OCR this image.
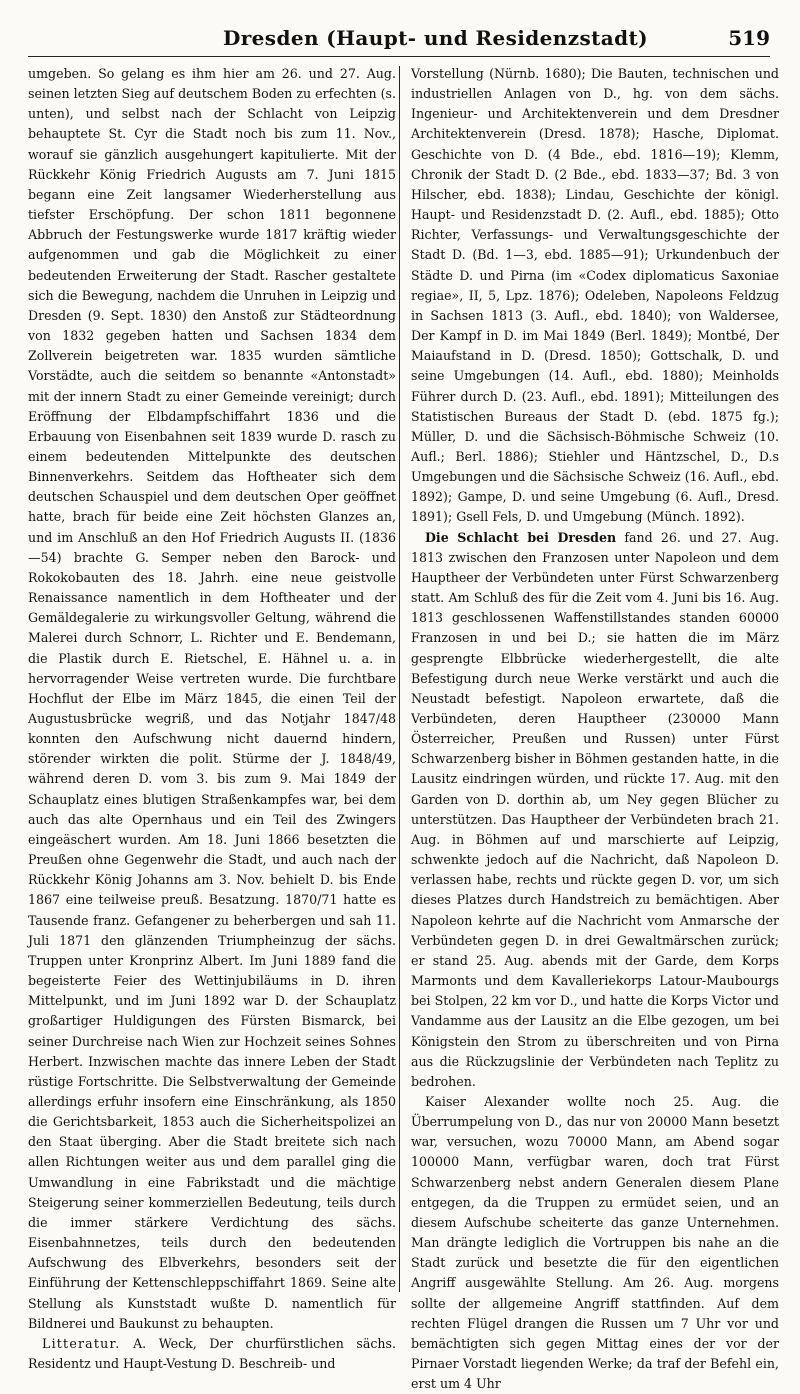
Dresden (Haupt- und Residenzstadt)	519

umgeben. So gelang es ihm hier am 26. und 27. Aug. seinen letzten Sieg auf deutschem Boden zu erfechten (s. unten), und selbst nach der Schlacht von Leipzig behauptete St. Cyr die Stadt noch bis zum 11. Nov., worauf sie gänzlich ausgehungert kapitulierte. Mit der Rückkehr König Friedrich Augusts am 7. Juni 1815 begann eine Zeit langsamer Wiederherstellung aus tiefster Erschöpfung. Der schon 1811 begonnene Abbruch der Festungswerke wurde 1817 kräftig wieder aufgenommen und gab die Möglichkeit zu einer bedeutenden Erweiterung der Stadt. Rascher gestaltete sich die Bewegung, nachdem die Unruhen in Leipzig und Dresden (9. Sept. 1830) den Anstoß zur Städteordnung von 1832 gegeben hatten und Sachsen 1834 dem Zollverein beigetreten war. 1835 wurden sämtliche Vorstädte, auch die seitdem so benannte «Antonstadt» mit der innern Stadt zu einer Gemeinde vereinigt; durch Eröffnung der Elbdampfschiffahrt 1836 und die Erbauung von Eisenbahnen seit 1839 wurde D. rasch zu einem bedeutenden Mittelpunkte des deutschen Binnenverkehrs. Seitdem das Hoftheater sich dem deutschen Schauspiel und dem deutschen Oper geöffnet hatte, brach für beide eine Zeit höchsten Glanzes an, und im Anschluß an den Hof Friedrich Augusts II. (1836—54) brachte G. Semper neben den Barock- und Rokokobauten des 18. Jahrh. eine neue geistvolle Renaissance namentlich in dem Hoftheater und der Gemäldegalerie zu wirkungsvoller Geltung, während die Malerei durch Schnorr, L. Richter und E. Bendemann, die Plastik durch E. Rietschel, E. Hähnel u. a. in hervorragender Weise vertreten wurde. Die furchtbare Hochflut der Elbe im März 1845, die einen Teil der Augustusbrücke wegriß, und das Notjahr 1847/48 konnten den Aufschwung nicht dauernd hindern, störender wirkten die polit. Stürme der J. 1848/49, während deren D. vom 3. bis zum 9. Mai 1849 der Schauplatz eines blutigen Straßenkampfes war, bei dem auch das alte Opernhaus und ein Teil des Zwingers eingeäschert wurden. Am 18. Juni 1866 besetzten die Preußen ohne Gegenwehr die Stadt, und auch nach der Rückkehr König Johanns am 3. Nov. behielt D. bis Ende 1867 eine teilweise preuß. Besatzung. 1870/71 hatte es Tausende franz. Gefangener zu beherbergen und sah 11. Juli 1871 den glänzenden Triumpheinzug der sächs. Truppen unter Kronprinz Albert. Im Juni 1889 fand die begeisterte Feier des Wettinjubiläums in D. ihren Mittelpunkt, und im Juni 1892 war D. der Schauplatz großartiger Huldigungen des Fürsten Bismarck, bei seiner Durchreise nach Wien zur Hochzeit seines Sohnes Herbert. Inzwischen machte das innere Leben der Stadt rüstige Fortschritte. Die Selbstverwaltung der Gemeinde allerdings erfuhr insofern eine Einschränkung, als 1850 die Gerichtsbarkeit, 1853 auch die Sicherheitspolizei an den Staat überging. Aber die Stadt breitete sich nach allen Richtungen weiter aus und dem parallel ging die Umwandlung in eine Fabrikstadt und die mächtige Steigerung seiner kommerziellen Bedeutung, teils durch die immer stärkere Verdichtung des sächs. Eisenbahnnetzes, teils durch den bedeutenden Aufschwung des Elbverkehrs, besonders seit der Einführung der Kettenschleppschiffahrt 1869. Seine alte Stellung als Kunststadt wußte D. namentlich für Bildnerei und Baukunst zu behaupten.

Litteratur. A. Weck, Der churfürstlichen sächs. Residentz und Haupt-Vestung D. Beschreib- und

Vorstellung (Nürnb. 1680); Die Bauten, technischen und industriellen Anlagen von D., hg. von dem sächs. Ingenieur- und Architektenverein und dem Dresdner Architektenverein (Dresd. 1878); Hasche, Diplomat. Geschichte von D. (4 Bde., ebd. 1816—19); Klemm, Chronik der Stadt D. (2 Bde., ebd. 1833—37; Bd. 3 von Hilscher, ebd. 1838); Lindau, Geschichte der königl. Haupt- und Residenzstadt D. (2. Aufl., ebd. 1885); Otto Richter, Verfassungs- und Verwaltungsgeschichte der Stadt D. (Bd. 1—3, ebd. 1885—91); Urkundenbuch der Städte D. und Pirna (im «Codex diplomaticus Saxoniae regiae», II, 5, Lpz. 1876); Odeleben, Napoleons Feldzug in Sachsen 1813 (3. Aufl., ebd. 1840); von Waldersee, Der Kampf in D. im Mai 1849 (Berl. 1849); Montbé, Der Maiaufstand in D. (Dresd. 1850); Gottschalk, D. und seine Umgebungen (14. Aufl., ebd. 1880); Meinholds Führer durch D. (23. Aufl., ebd. 1891); Mitteilungen des Statistischen Bureaus der Stadt D. (ebd. 1875 fg.); Müller, D. und die Sächsisch-Böhmische Schweiz (10. Aufl.; Berl. 1886); Stiehler und Häntzschel, D., D.s Umgebungen und die Sächsische Schweiz (16. Aufl., ebd. 1892); Gampe, D. und seine Umgebung (6. Aufl., Dresd. 1891); Gsell Fels, D. und Umgebung (Münch. 1892).

Die Schlacht bei Dresden fand 26. und 27. Aug. 1813 zwischen den Franzosen unter Napoleon und dem Hauptheer der Verbündeten unter Fürst Schwarzenberg statt. Am Schluß des für die Zeit vom 4. Juni bis 16. Aug. 1813 geschlossenen Waffenstillstandes standen 60000 Franzosen in und bei D.; sie hatten die im März gesprengte Elbbrücke wiederhergestellt, die alte Befestigung durch neue Werke verstärkt und auch die Neustadt befestigt. Napoleon erwartete, daß die Verbündeten, deren Hauptheer (230000 Mann Österreicher, Preußen und Russen) unter Fürst Schwarzenberg bisher in Böhmen gestanden hatte, in die Lausitz eindringen würden, und rückte 17. Aug. mit den Garden von D. dorthin ab, um Ney gegen Blücher zu unterstützen. Das Hauptheer der Verbündeten brach 21. Aug. in Böhmen auf und marschierte auf Leipzig, schwenkte jedoch auf die Nachricht, daß Napoleon D. verlassen habe, rechts und rückte gegen D. vor, um sich dieses Platzes durch Handstreich zu bemächtigen. Aber Napoleon kehrte auf die Nachricht vom Anmarsche der Verbündeten gegen D. in drei Gewaltmärschen zurück; er stand 25. Aug. abends mit der Garde, dem Korps Marmonts und dem Kavalleriekorps Latour-Maubourgs bei Stolpen, 22 km vor D., und hatte die Korps Victor und Vandamme aus der Lausitz an die Elbe gezogen, um bei Königstein den Strom zu überschreiten und von Pirna aus die Rückzugslinie der Verbündeten nach Teplitz zu bedrohen.

Kaiser Alexander wollte noch 25. Aug. die Überrumpelung von D., das nur von 20000 Mann besetzt war, versuchen, wozu 70000 Mann, am Abend sogar 100000 Mann, verfügbar waren, doch trat Fürst Schwarzenberg nebst andern Generalen diesem Plane entgegen, da die Truppen zu ermüdet seien, und an diesem Aufschube scheiterte das ganze Unternehmen. Man drängte lediglich die Vortruppen bis nahe an die Stadt zurück und besetzte die für den eigentlichen Angriff ausgewählte Stellung. Am 26. Aug. morgens sollte der allgemeine Angriff stattfinden. Auf dem rechten Flügel drangen die Russen um 7 Uhr vor und bemächtigten sich gegen Mittag eines der vor der Pirnaer Vorstadt liegenden Werke; da traf der Befehl ein, erst um 4 Uhr
